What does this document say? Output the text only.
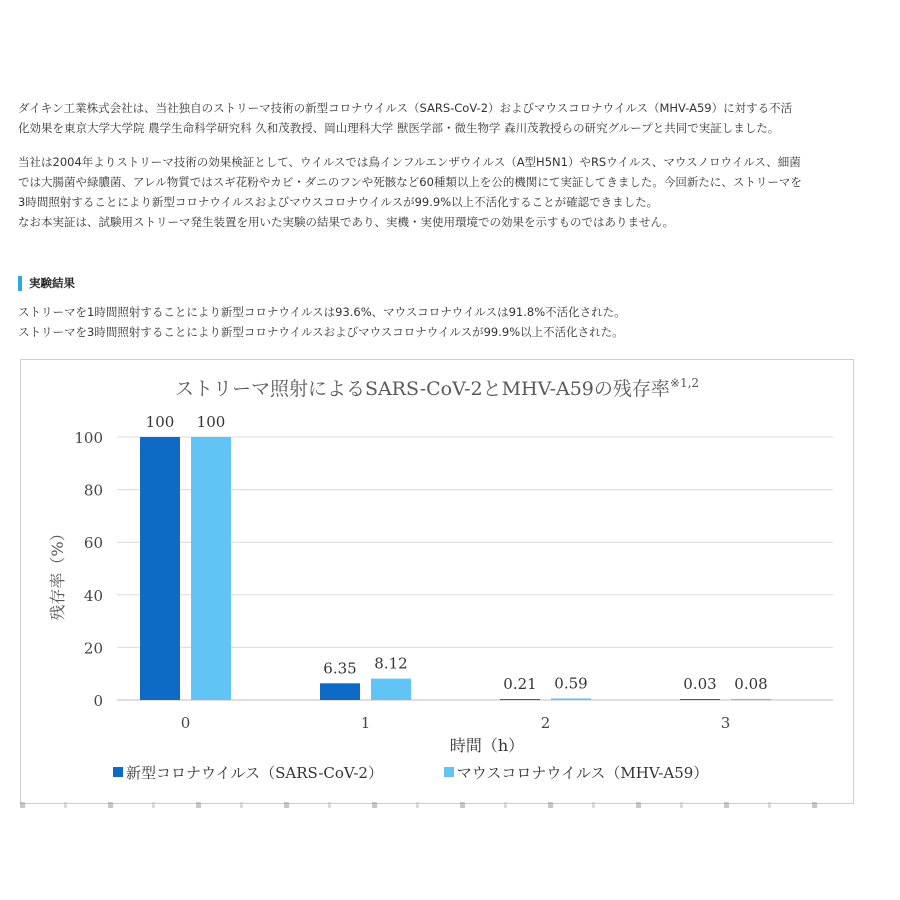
ダイキン工業株式会社は、当社独自のストリーマ技術の新型コロナウイルス（SARS-CoV-2）およびマウスコロナウイルス（MHV-A59）に対する不活

化効果を東京大学大学院 農学生命科学研究科 久和茂教授、岡山理科大学 獣医学部・微生物学 森川茂教授らの研究グループと共同で実証しました。

当社は2004年よりストリーマ技術の効果検証として、ウイルスでは鳥インフルエンザウイルス（A型H5N1）やRSウイルス、マウスノロウイルス、細菌

では大腸菌や緑膿菌、アレル物質ではスギ花粉やカビ・ダニのフンや死骸など60種類以上を公的機関にて実証してきました。今回新たに、ストリーマを

3時間照射することにより新型コロナウイルスおよびマウスコロナウイルスが99.9%以上不活化することが確認できました。

なお本実証は、試験用ストリーマ発生装置を用いた実験の結果であり、実機・実使用環境での効果を示すものではありません。

実験結果

ストリーマを1時間照射することにより新型コロナウイルスは93.6%、マウスコロナウイルスは91.8%不活化された。

ストリーマを3時間照射することにより新型コロナウイルスおよびマウスコロナウイルスが99.9%以上不活化された。

ストリーマ照射によるSARS-CoV-2とMHV-A59の残存率$^{※1,2}$
0
20
40
60
80
100
100 100
0
6.35 8.12
1
0.21 0.59
2
0.03 0.08
3
時間（h）
残存率（%）
新型コロナウイルス（SARS-CoV-2）	マウスコロナウイルス（MHV-A59）
